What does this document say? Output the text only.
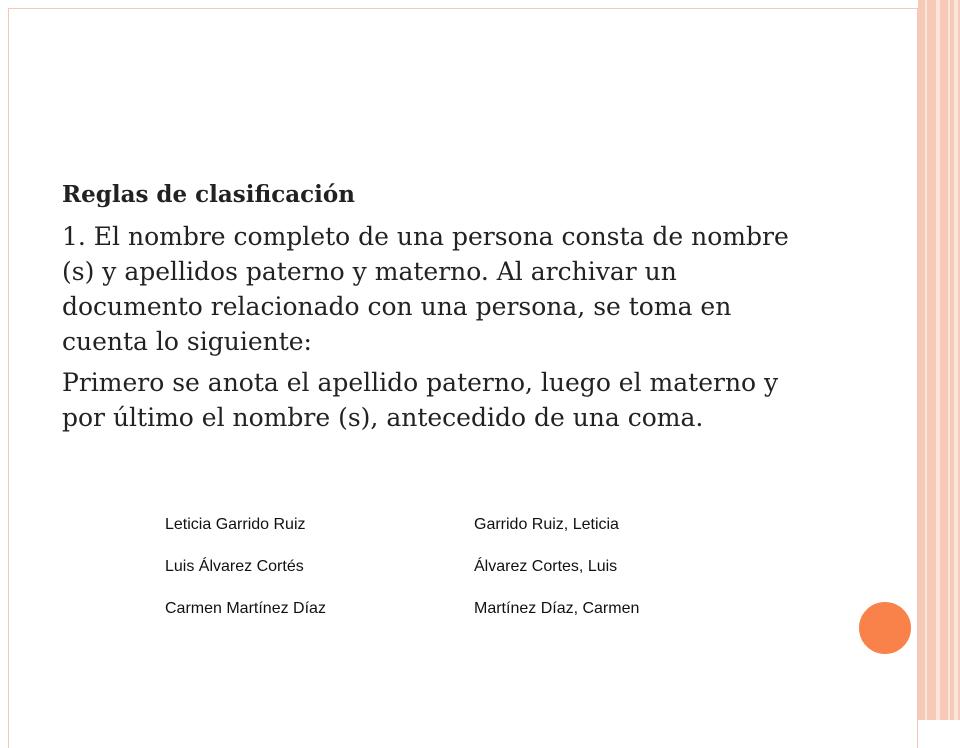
Reglas de clasificación

1. El nombre completo de una persona consta de nombre (s) y apellidos paterno y materno. Al archivar un documento relacionado con una persona, se toma en cuenta lo siguiente:

Primero se anota el apellido paterno, luego el materno y por último el nombre (s), antecedido de una coma.

Leticia Garrido Ruiz	Garrido Ruiz, Leticia
Luis Álvarez Cortés	Álvarez Cortes, Luis
Carmen Martínez Díaz	Martínez Díaz, Carmen
